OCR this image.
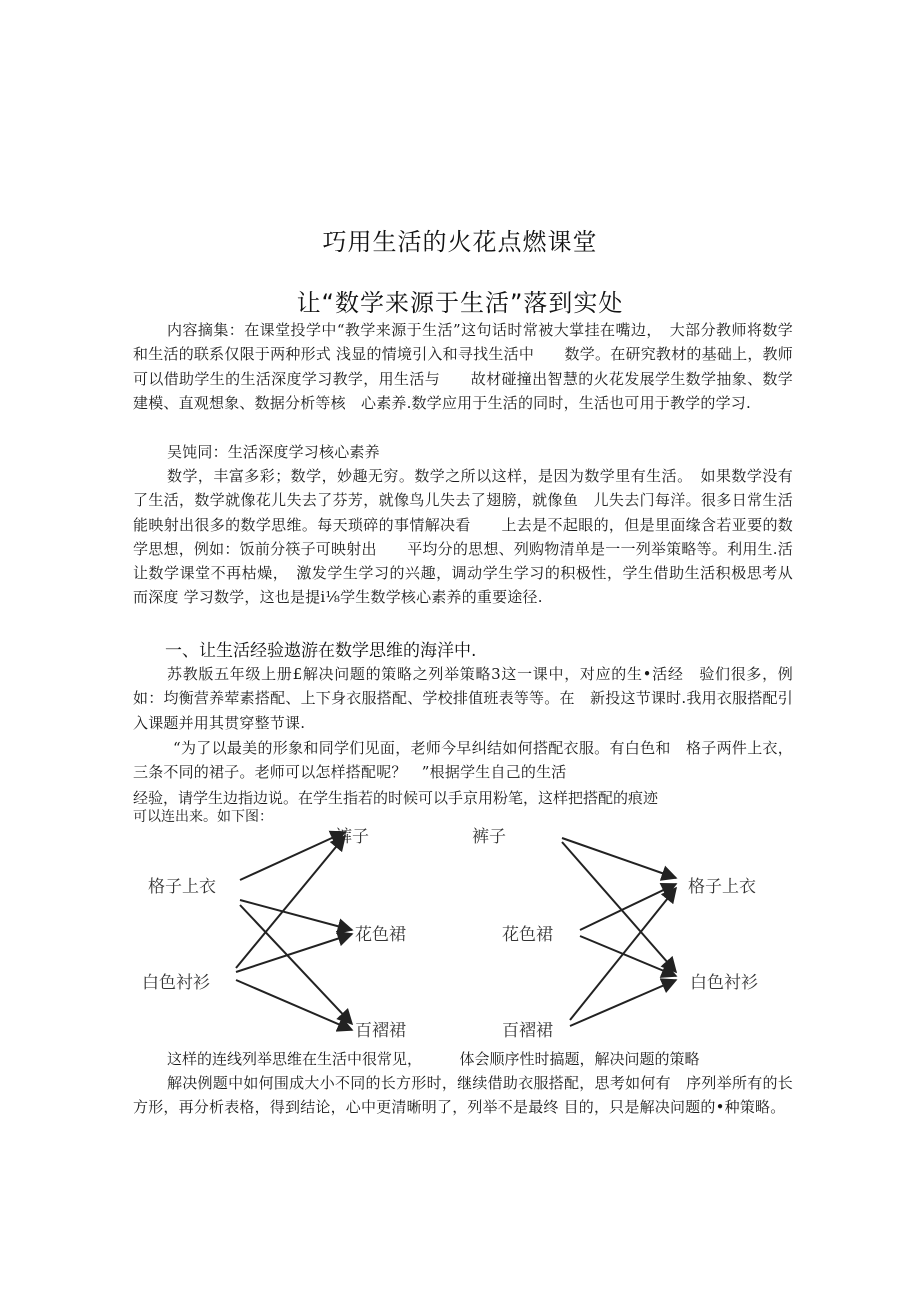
巧用生活的火花点燃课堂
让“数学来源于生活”落到实处
内容摘集：在课堂投学中“教学来源于生活”这句话时常被大掌挂在嘴边，　大部分教师将数学和生活的联系仅限于两种形式 浅显的情境引入和寻找生活中　　数学。在研究教材的基础上，教师可以借助学生的生活深度学习教学，用生活与　　故材碰撞出智慧的火花发展学生数学抽象、数学建模、直观想象、数据分析等核　心素养.数学应用于生活的同时，生活也可用于教学的学习.
吴饨同：生活深度学习核心素养
数学，丰富多彩；数学，妙趣无穷。数学之所以这样，是因为数学里有生活。　如果数学没有了生活，数学就像花儿失去了芬芳，就像鸟儿失去了翅膀，就像鱼　儿失去门每洋。很多日常生活能映射出很多的数学思维。每天琐碎的事情解决看　　上去是不起眼的，但是里面缘含若亚要的数学思想，例如：饭前分筷子可映射出　　平均分的思想、列购物清单是一一列举策略等。利用生.活让数学课堂不再枯燥，　激发学生学习的兴趣，调动学生学习的积极性，学生借助生活积极思考从而深度 学习数学，这也是提i⅛学生数学核心素养的重要途径.
一、让生活经验遨游在数学思维的海洋中.
苏教版五年级上册£解决问题的策略之列举策略3这一课中，对应的生•活经　验们很多，例如：均衡营养荤素搭配、上下身衣服搭配、学校排值班表等等。在　新投这节课时.我用衣服搭配引入课题并用其贯穿整节课.
“为了以最美的形象和同学们见面，老师今早纠结如何搭配衣服。有白色和　格子两件上衣，三条不同的裙子。老师可以怎样搭配呢？　”根据学生自己的生活
经验，请学生边指边说。在学生指若的时候可以手京用粉笔，这样把搭配的痕迹
可以连出来。如下图：
裤子
格子上衣
花色裙
白色衬衫
百褶裙
裤子
格子上衣
花色裙
白色衬衫
百褶裙
这样的连线列举思维在生活中很常见，　　　体会顺序性时搞题，解决问题的策略
解决例题中如何围成大小不同的长方形时，继续借助衣服搭配，思考如何有　序列举所有的长方形，再分析表格，得到结论，心中更清晰明了，列举不是最终 目的，只是解决问题的•种策略。
